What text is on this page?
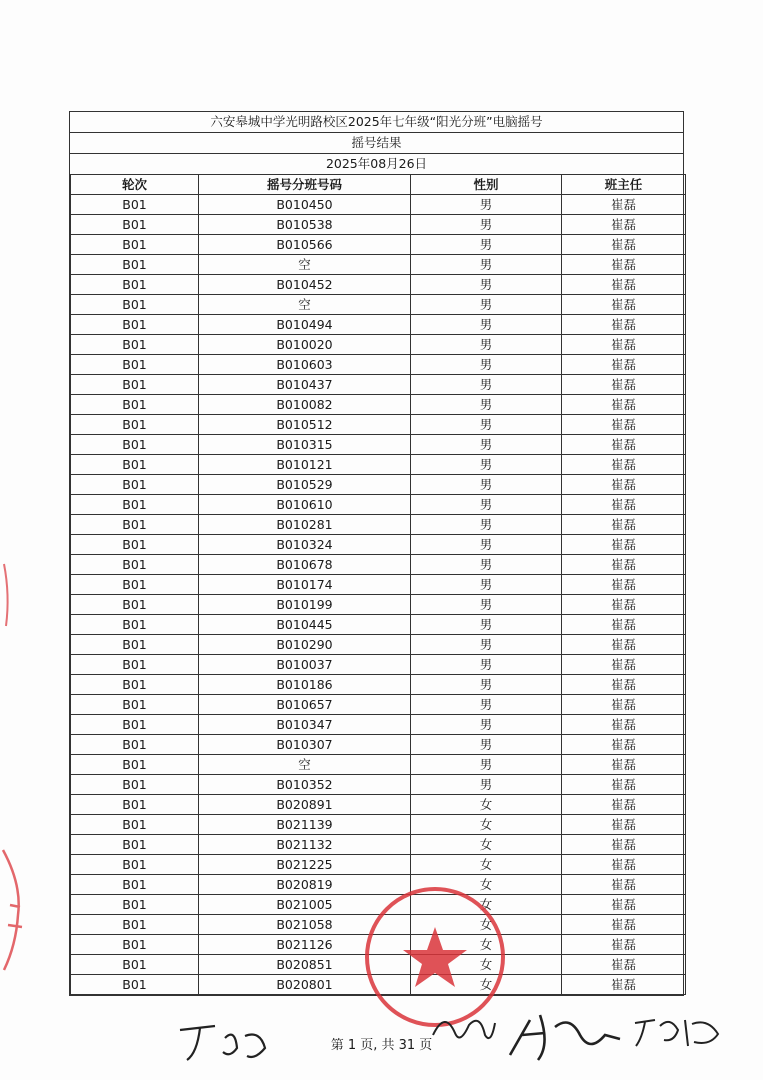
六安皋城中学光明路校区2025年七年级“阳光分班”电脑摇号
摇号结果
2025年08月26日
轮次	摇号分班号码	性别	班主任
B01	B010450	男	崔磊
B01	B010538	男	崔磊
B01	B010566	男	崔磊
B01	空	男	崔磊
B01	B010452	男	崔磊
B01	空	男	崔磊
B01	B010494	男	崔磊
B01	B010020	男	崔磊
B01	B010603	男	崔磊
B01	B010437	男	崔磊
B01	B010082	男	崔磊
B01	B010512	男	崔磊
B01	B010315	男	崔磊
B01	B010121	男	崔磊
B01	B010529	男	崔磊
B01	B010610	男	崔磊
B01	B010281	男	崔磊
B01	B010324	男	崔磊
B01	B010678	男	崔磊
B01	B010174	男	崔磊
B01	B010199	男	崔磊
B01	B010445	男	崔磊
B01	B010290	男	崔磊
B01	B010037	男	崔磊
B01	B010186	男	崔磊
B01	B010657	男	崔磊
B01	B010347	男	崔磊
B01	B010307	男	崔磊
B01	空	男	崔磊
B01	B010352	男	崔磊
B01	B020891	女	崔磊
B01	B021139	女	崔磊
B01	B021132	女	崔磊
B01	B021225	女	崔磊
B01	B020819	女	崔磊
B01	B021005	女	崔磊
B01	B021058	女	崔磊
B01	B021126	女	崔磊
B01	B020851	女	崔磊
B01	B020801	女	崔磊
第 1 页, 共 31 页
